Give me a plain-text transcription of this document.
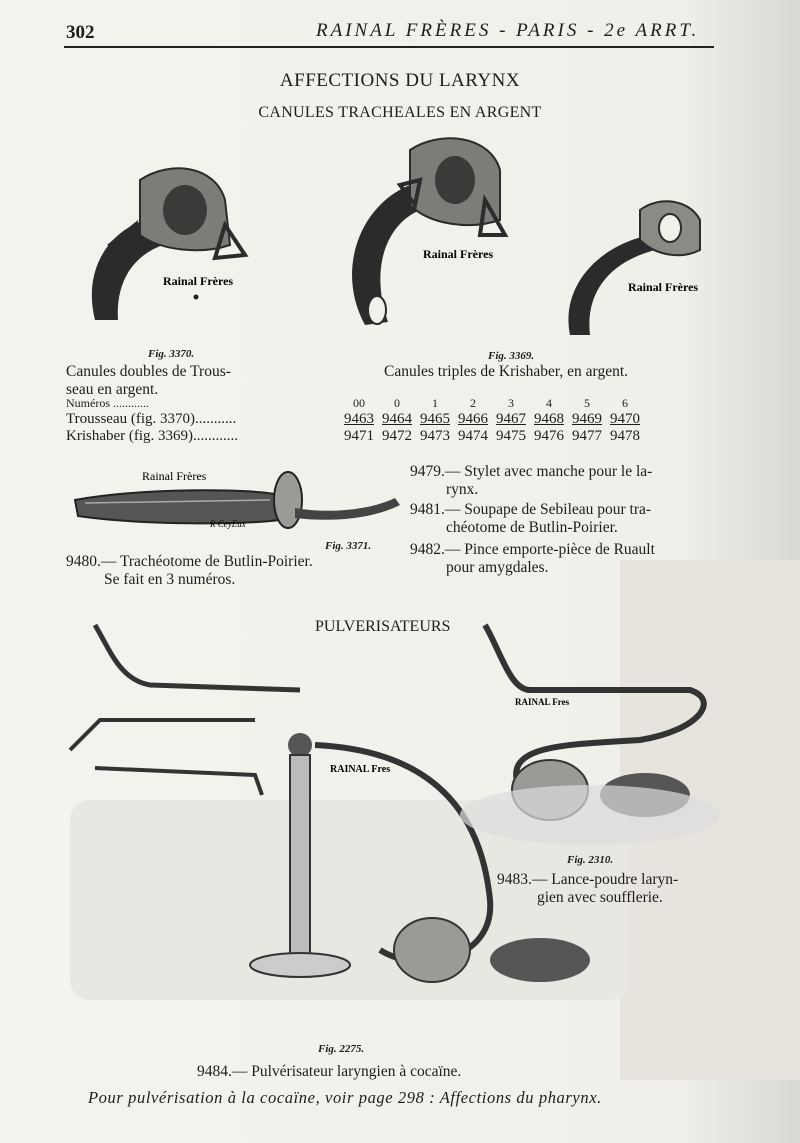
302	RAINAL FRÈRES - PARIS - 2e ARRT.
AFFECTIONS DU LARYNX
CANULES TRACHEALES EN ARGENT
Rainal Frères
Rainal Frères
Rainal Frères
Rainal Frères
R CeyEux
RAINAL Fres
RAINAL Fres
Fig. 3370.
Canules doubles de Trous-
seau en argent.
Fig. 3369.
Canules triples de Krishaber, en argent.
Numéros ............	00	0	1	2	3	4	5	6
Trousseau (fig. 3370)...........	9463	9464	9465	9466	9467	9468	9469	9470
Krishaber (fig. 3369)............	9471	9472	9473	9474	9475	9476	9477	9478
9479.— Stylet avec manche pour le la-
rynx.
9481.— Soupape de Sebileau pour tra-
chéotome de Butlin-Poirier.
9482.— Pince emporte-pièce de Ruault
pour amygdales.
Fig. 3371.
9480.— Trachéotome de Butlin-Poirier.
Se fait en 3 numéros.
PULVERISATEURS
Fig. 2310.
9483.— Lance-poudre laryn-
gien avec soufflerie.
Fig. 2275.
9484.— Pulvérisateur laryngien à cocaïne.
Pour pulvérisation à la cocaïne, voir page 298 : Affections du pharynx.
